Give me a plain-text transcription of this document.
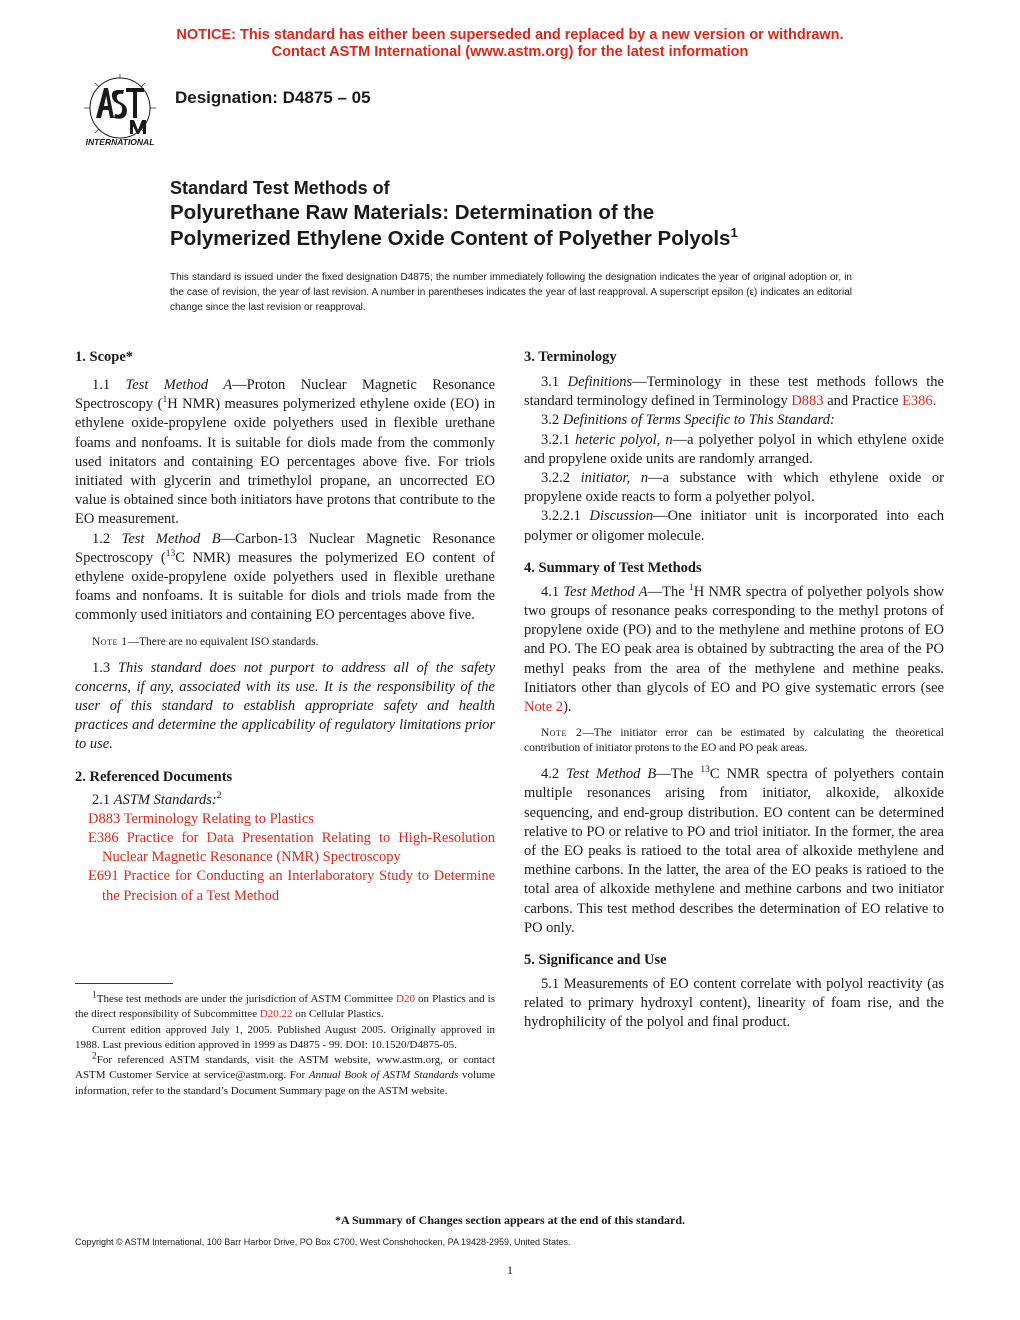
NOTICE: This standard has either been superseded and replaced by a new version or withdrawn.
Contact ASTM International (www.astm.org) for the latest information
INTERNATIONAL
Designation: D4875 – 05
Standard Test Methods of
Polyurethane Raw Materials: Determination of the
Polymerized Ethylene Oxide Content of Polyether Polyols$^1$
This standard is issued under the fixed designation D4875; the number immediately following the designation indicates the year of original adoption or, in the case of revision, the year of last revision. A number in parentheses indicates the year of last reapproval. A superscript epsilon (ε) indicates an editorial change since the last revision or reapproval.

1. Scope*

1.1 Test Method A—Proton Nuclear Magnetic Resonance Spectroscopy ($^1$H NMR) measures polymerized ethylene oxide (EO) in ethylene oxide-propylene oxide polyethers used in flexible urethane foams and nonfoams. It is suitable for diols made from the commonly used initators and containing EO percentages above five. For triols initiated with glycerin and trimethylol propane, an uncorrected EO value is obtained since both initiators have protons that contribute to the EO measurement.

1.2 Test Method B—Carbon-13 Nuclear Magnetic Resonance Spectroscopy ($^{13}$C NMR) measures the polymerized EO content of ethylene oxide-propylene oxide polyethers used in flexible urethane foams and nonfoams. It is suitable for diols and triols made from the commonly used initiators and containing EO percentages above five.

Note 1—There are no equivalent ISO standards.

1.3 This standard does not purport to address all of the safety concerns, if any, associated with its use. It is the responsibility of the user of this standard to establish appropriate safety and health practices and determine the applicability of regulatory limitations prior to use.

2. Referenced Documents

2.1 ASTM Standards:$^2$

D883 Terminology Relating to Plastics

E386 Practice for Data Presentation Relating to High-Resolution Nuclear Magnetic Resonance (NMR) Spectroscopy

E691 Practice for Conducting an Interlaboratory Study to Determine the Precision of a Test Method

$^1$These test methods are under the jurisdiction of ASTM Committee D20 on Plastics and is the direct responsibility of Subcommittee D20.22 on Cellular Plastics.

Current edition approved July 1, 2005. Published August 2005. Originally approved in 1988. Last previous edition approved in 1999 as D4875 - 99. DOI: 10.1520/D4875-05.

$^2$For referenced ASTM standards, visit the ASTM website, www.astm.org, or contact ASTM Customer Service at service@astm.org. For Annual Book of ASTM Standards volume information, refer to the standard’s Document Summary page on the ASTM website.

3. Terminology

3.1 Definitions—Terminology in these test methods follows the standard terminology defined in Terminology D883 and Practice E386.

3.2 Definitions of Terms Specific to This Standard:

3.2.1 heteric polyol, n—a polyether polyol in which ethylene oxide and propylene oxide units are randomly arranged.

3.2.2 initiator, n—a substance with which ethylene oxide or propylene oxide reacts to form a polyether polyol.

3.2.2.1 Discussion—One initiator unit is incorporated into each polymer or oligomer molecule.

4. Summary of Test Methods

4.1 Test Method A—The $^1$H NMR spectra of polyether polyols show two groups of resonance peaks corresponding to the methyl protons of propylene oxide (PO) and to the methylene and methine protons of EO and PO. The EO peak area is obtained by subtracting the area of the PO methyl peaks from the area of the methylene and methine peaks. Initiators other than glycols of EO and PO give systematic errors (see Note 2).

Note 2—The initiator error can be estimated by calculating the theoretical contribution of initiator protons to the EO and PO peak areas.

4.2 Test Method B—The $^{13}$C NMR spectra of polyethers contain multiple resonances arising from initiator, alkoxide, alkoxide sequencing, and end-group distribution. EO content can be determined relative to PO or relative to PO and triol initiator. In the former, the area of the EO peaks is ratioed to the total area of alkoxide methylene and methine carbons. In the latter, the area of the EO peaks is ratioed to the total area of alkoxide methylene and methine carbons and two initiator carbons. This test method describes the determination of EO relative to PO only.

5. Significance and Use

5.1 Measurements of EO content correlate with polyol reactivity (as related to primary hydroxyl content), linearity of foam rise, and the hydrophilicity of the polyol and final product.

*A Summary of Changes section appears at the end of this standard.
Copyright © ASTM International, 100 Barr Harbor Drive, PO Box C700, West Conshohocken, PA 19428-2959, United States.
1
